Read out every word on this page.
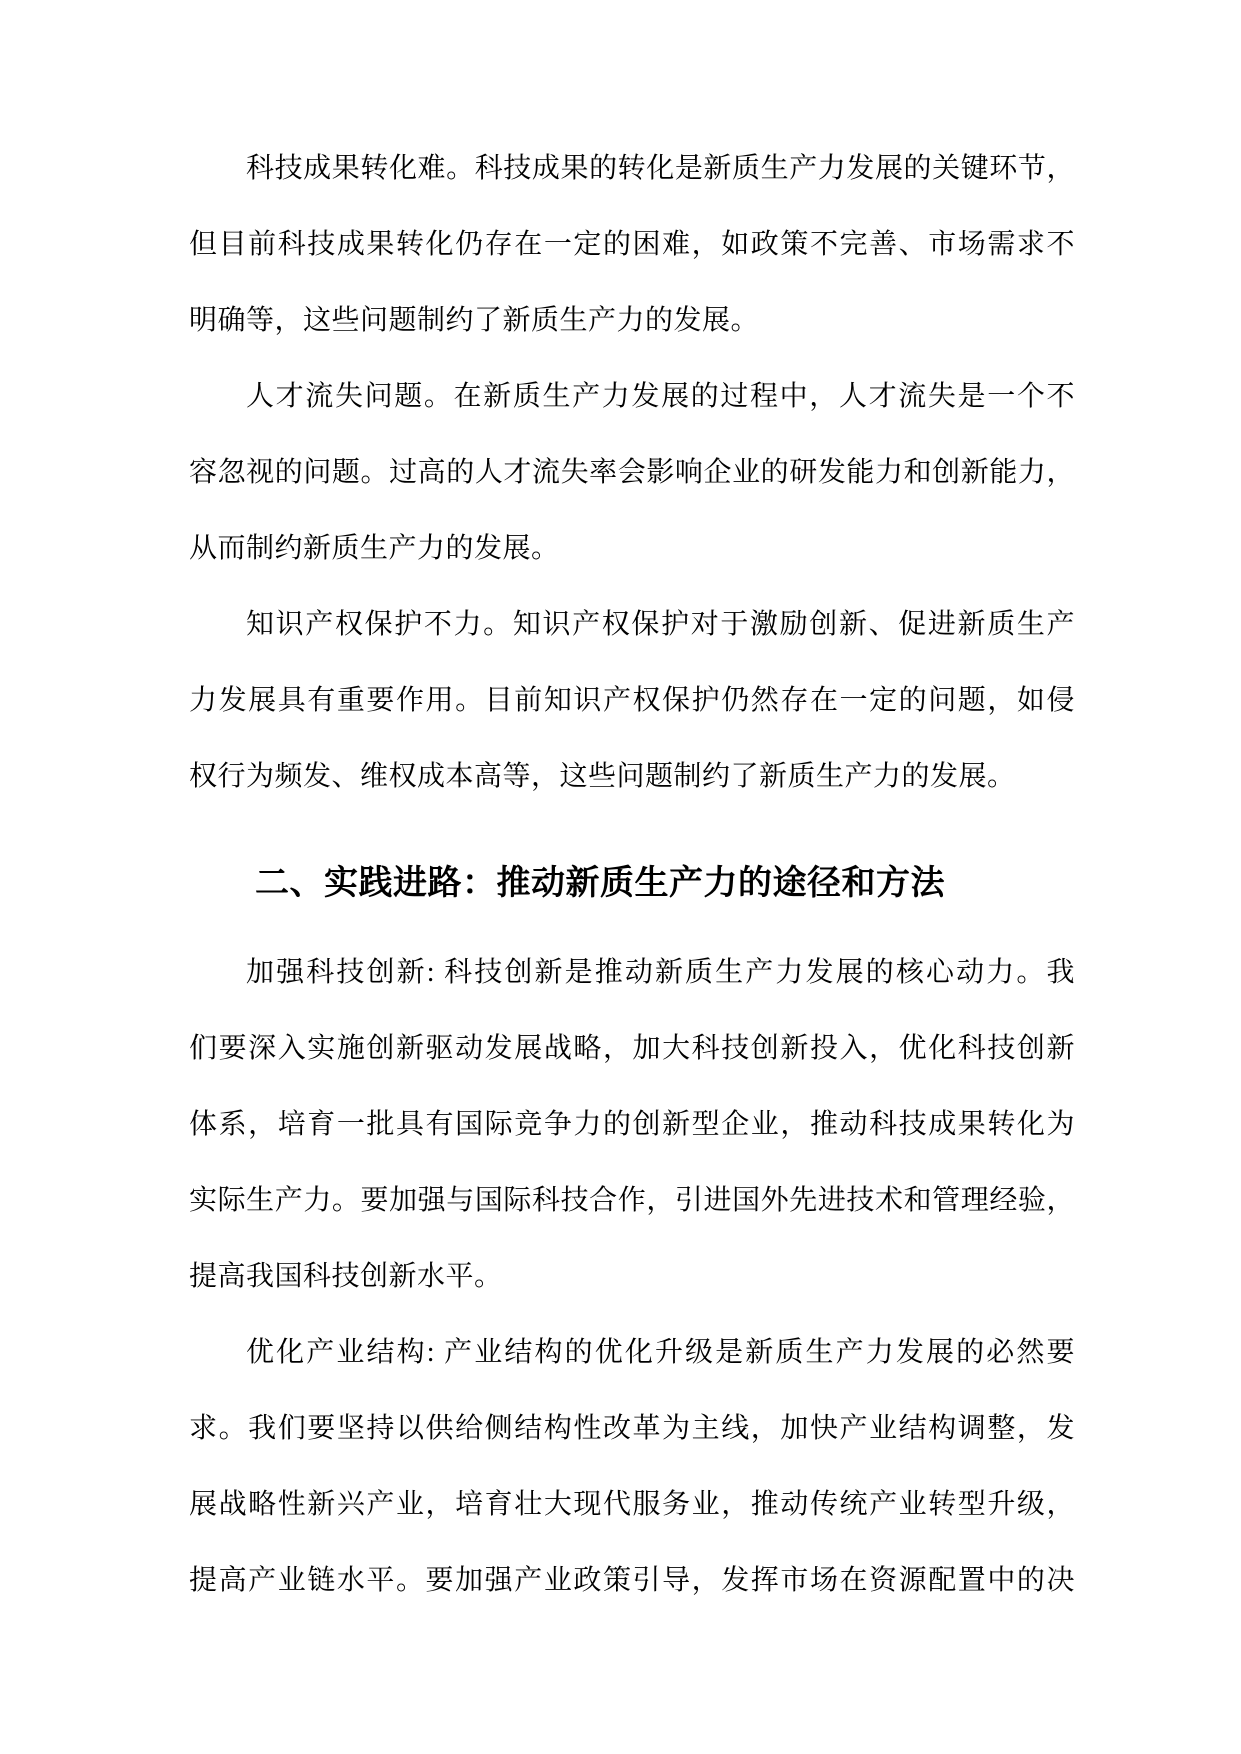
科技成果转化难。科技成果的转化是新质生产力发展的关键环节，
但目前科技成果转化仍存在一定的困难，如政策不完善、市场需求不
明确等，这些问题制约了新质生产力的发展。
人才流失问题。在新质生产力发展的过程中，人才流失是一个不
容忽视的问题。过高的人才流失率会影响企业的研发能力和创新能力，
从而制约新质生产力的发展。
知识产权保护不力。知识产权保护对于激励创新、促进新质生产
力发展具有重要作用。目前知识产权保护仍然存在一定的问题，如侵
权行为频发、维权成本高等，这些问题制约了新质生产力的发展。
二、实践进路：推动新质生产力的途径和方法
加强科技创新: 科技创新是推动新质生产力发展的核心动力。我
们要深入实施创新驱动发展战略，加大科技创新投入，优化科技创新
体系，培育一批具有国际竞争力的创新型企业，推动科技成果转化为
实际生产力。要加强与国际科技合作，引进国外先进技术和管理经验，
提高我国科技创新水平。
优化产业结构: 产业结构的优化升级是新质生产力发展的必然要
求。我们要坚持以供给侧结构性改革为主线，加快产业结构调整，发
展战略性新兴产业，培育壮大现代服务业，推动传统产业转型升级，
提高产业链水平。要加强产业政策引导，发挥市场在资源配置中的决
